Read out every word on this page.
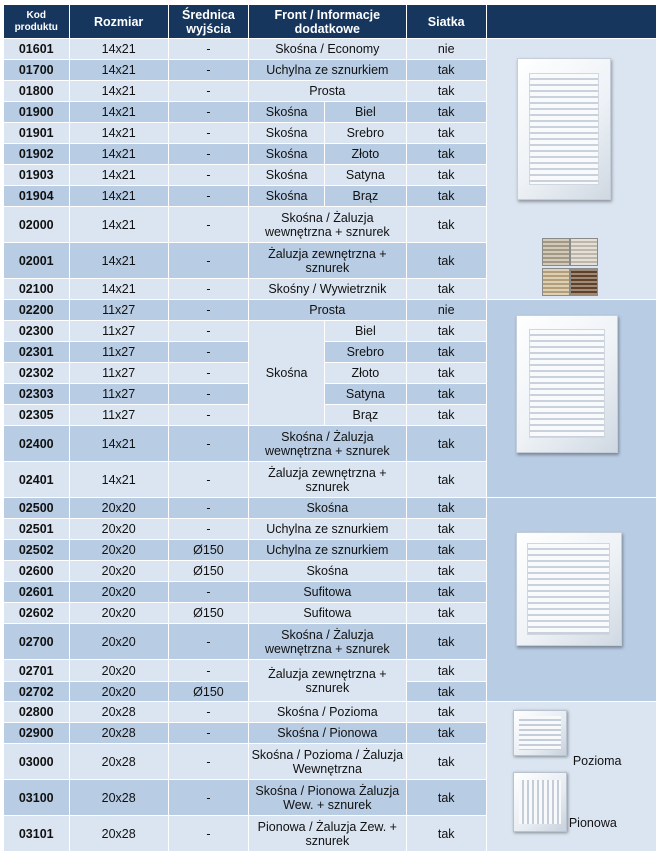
Kod produktu	Rozmiar	Średnica wyjścia	Front / Informacje dodatkowe		Siatka	
01601	14x21	-	Skośna / Economy		nie	

01700	14x21	-	Uchylna ze sznurkiem		tak	
01800	14x21	-	Prosta		tak	
01900	14x21	-	Skośna	Biel	tak	
01901	14x21	-	Skośna	Srebro	tak	
01902	14x21	-	Skośna	Złoto	tak	
01903	14x21	-	Skośna	Satyna	tak	
01904	14x21	-	Skośna	Brąz	tak	
02000	14x21	-	Skośna / Żaluzja wewnętrzna + sznurek		tak	
02001	14x21	-	Żaluzja zewnętrzna + sznurek		tak	
02100	14x21	-	Skośny / Wywietrznik		tak	
02200	11x27	-	Prosta		nie	

02300	11x27	-	Skośna	Biel	tak	
02301	11x27	-		Srebro	tak	
02302	11x27	-		Złoto	tak	
02303	11x27	-		Satyna	tak	
02305	11x27	-		Brąz	tak	
02400	14x21	-	Skośna / Żaluzja wewnętrzna + sznurek		tak	
02401	14x21	-	Żaluzja zewnętrzna + sznurek		tak	
02500	20x20	-	Skośna		tak	

02501	20x20	-	Uchylna ze sznurkiem		tak	
02502	20x20	Ø150	Uchylna ze sznurkiem		tak	
02600	20x20	Ø150	Skośna		tak	
02601	20x20	-	Sufitowa		tak	
02602	20x20	Ø150	Sufitowa		tak	
02700	20x20	-	Skośna / Żaluzja wewnętrzna + sznurek		tak	
02701	20x20	-	Żaluzja zewnętrzna + sznurek		tak	
02702	20x20	Ø150			tak	
02800	20x28	-	Skośna / Pozioma		tak	Pozioma
Pionowa

02900	20x28	-	Skośna / Pionowa		tak	
03000	20x28	-	Skośna / Pozioma / Żaluzja Wewnętrzna		tak	
03100	20x28	-	Skośna / Pionowa Żaluzja Wew. + sznurek		tak	
03101	20x28	-	Pionowa / Żaluzja Zew. + sznurek		tak	
